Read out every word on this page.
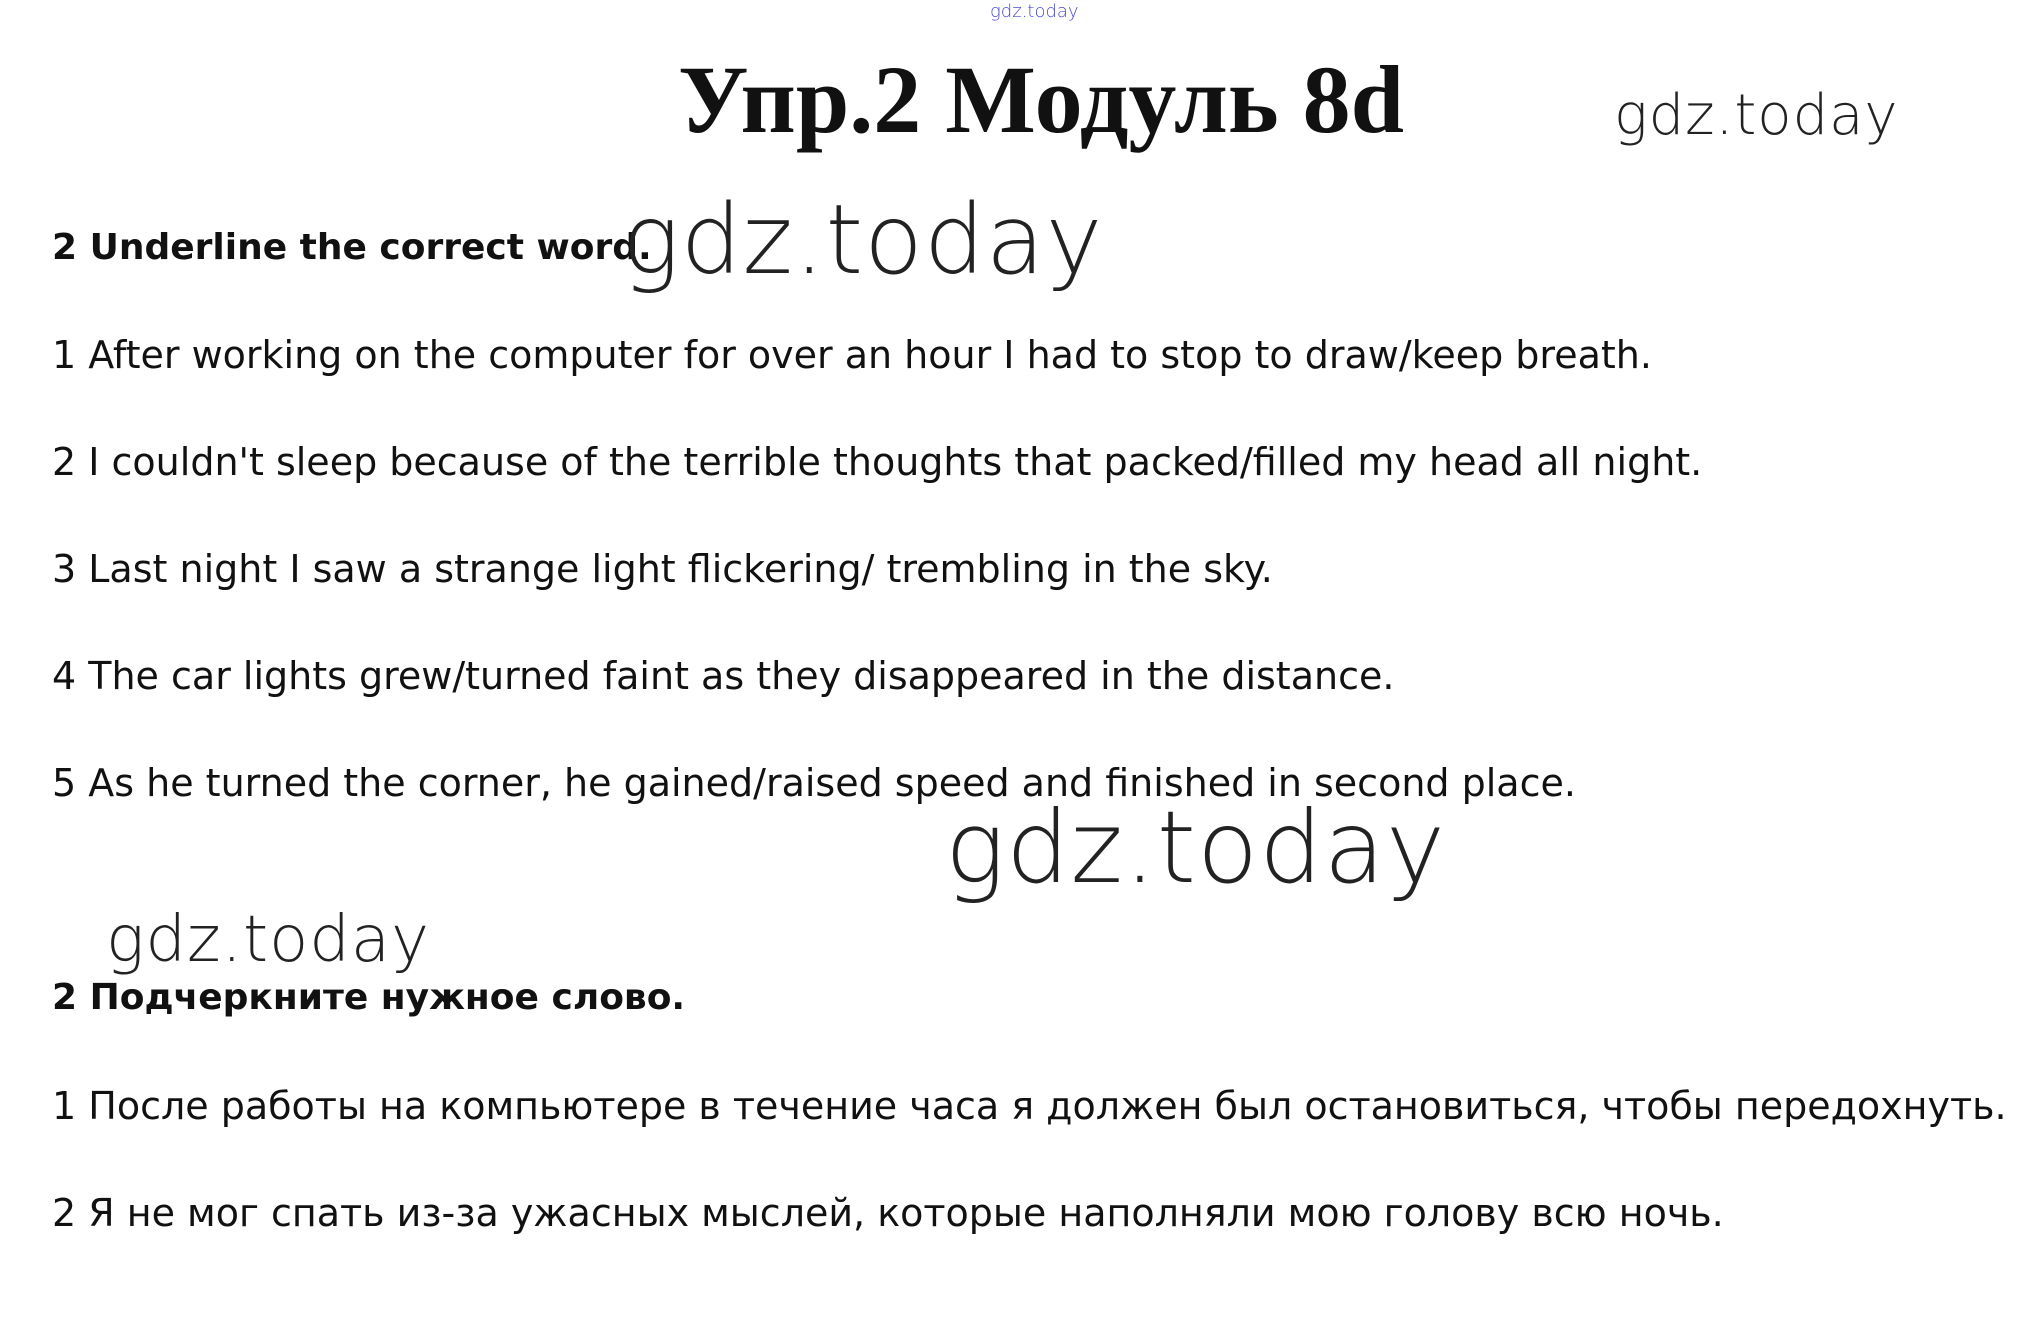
gdz.today
gdz.today
Упр.2 Модуль 8d
2 Underline the correct word.
gdz.today
1 After working on the computer for over an hour I had to stop to draw/keep breath.
2 I couldn't sleep because of the terrible thoughts that packed/filled my head all night.
3 Last night I saw a strange light flickering/ trembling in the sky.
4 The car lights grew/turned faint as they disappeared in the distance.
5 As he turned the corner, he gained/raised speed and finished in second place.
gdz.today
gdz.today
2 Подчеркните нужное слово.
1 После работы на компьютере в течение часа я должен был остановиться, чтобы передохнуть.
2 Я не мог спать из-за ужасных мыслей, которые наполняли мою голову всю ночь.
